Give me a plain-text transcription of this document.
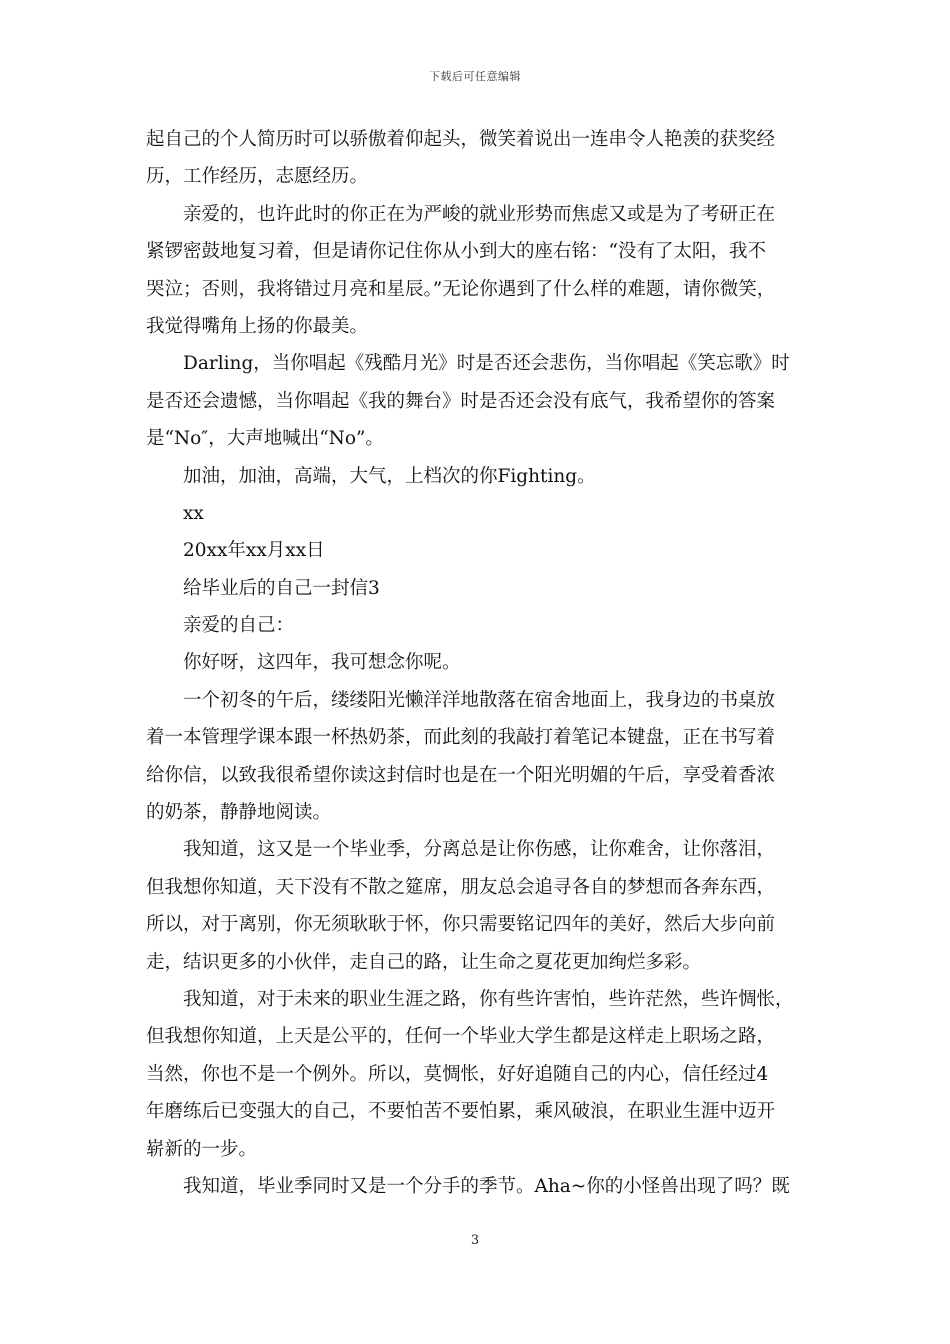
下载后可任意编辑
起自己的个人简历时可以骄傲着仰起头，微笑着说出一连串令人艳羡的获奖经
历，工作经历，志愿经历。
亲爱的，也许此时的你正在为严峻的就业形势而焦虑又或是为了考研正在
紧锣密鼓地复习着，但是请你记住你从小到大的座右铭：“没有了太阳，我不
哭泣；否则，我将错过月亮和星辰。”无论你遇到了什么样的难题，请你微笑，
我觉得嘴角上扬的你最美。
Darling，当你唱起《残酷月光》时是否还会悲伤，当你唱起《笑忘歌》时
是否还会遗憾，当你唱起《我的舞台》时是否还会没有底气，我希望你的答案
是“No″，大声地喊出“No”。
加油，加油，高端，大气，上档次的你Fighting。
xx
20xx年xx月xx日
给毕业后的自己一封信3
亲爱的自己：
你好呀，这四年，我可想念你呢。
一个初冬的午后，缕缕阳光懒洋洋地散落在宿舍地面上，我身边的书桌放
着一本管理学课本跟一杯热奶茶，而此刻的我敲打着笔记本键盘，正在书写着
给你信，以致我很希望你读这封信时也是在一个阳光明媚的午后，享受着香浓
的奶茶，静静地阅读。
我知道，这又是一个毕业季，分离总是让你伤感，让你难舍，让你落泪，
但我想你知道，天下没有不散之筵席，朋友总会追寻各自的梦想而各奔东西，
所以，对于离别，你无须耿耿于怀，你只需要铭记四年的美好，然后大步向前
走，结识更多的小伙伴，走自己的路，让生命之夏花更加绚烂多彩。
我知道，对于未来的职业生涯之路，你有些许害怕，些许茫然，些许惆怅，
但我想你知道，上天是公平的，任何一个毕业大学生都是这样走上职场之路，
当然，你也不是一个例外。所以，莫惆怅，好好追随自己的内心，信任经过4
年磨练后已变强大的自己，不要怕苦不要怕累，乘风破浪，在职业生涯中迈开
崭新的一步。
我知道，毕业季同时又是一个分手的季节。Aha~你的小怪兽出现了吗？既
3
